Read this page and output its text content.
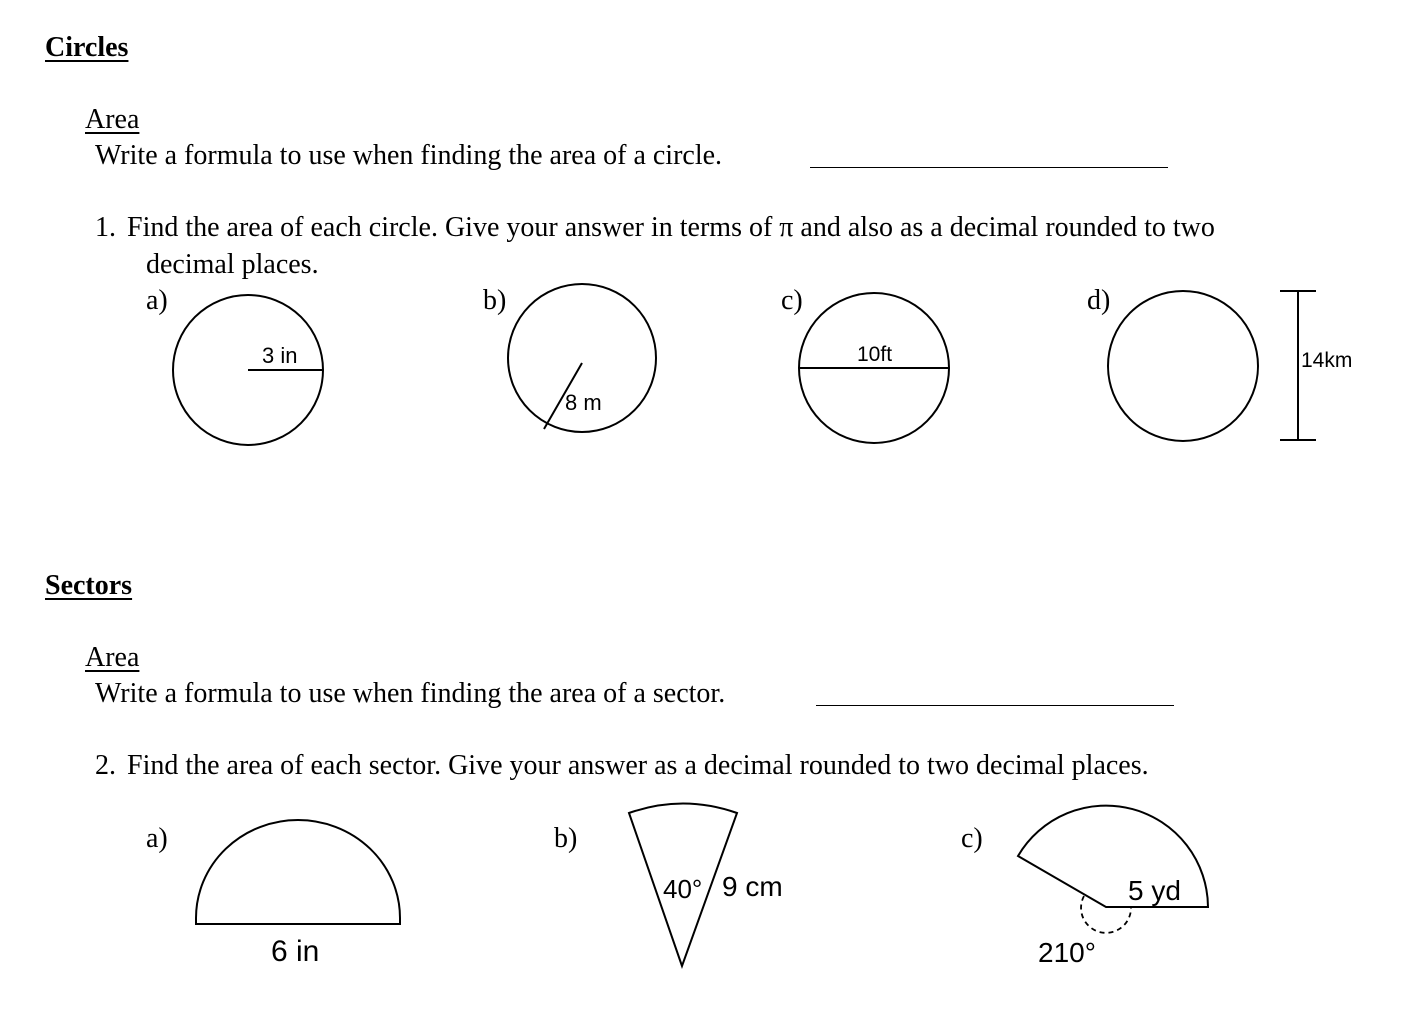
Circles
Area
Write a formula to use when finding the area of a circle.
1. Find the area of each circle. Give your answer in terms of π and also as a decimal rounded to two
decimal places.
a)	b)	c)	d)
3 in
8 m
10ft	14km
Sectors
Area
Write a formula to use when finding the area of a sector.
2. Find the area of each sector. Give your answer as a decimal rounded to two decimal places.
a)	b)	c)
6 in
40° 9 cm	5 yd
210°
